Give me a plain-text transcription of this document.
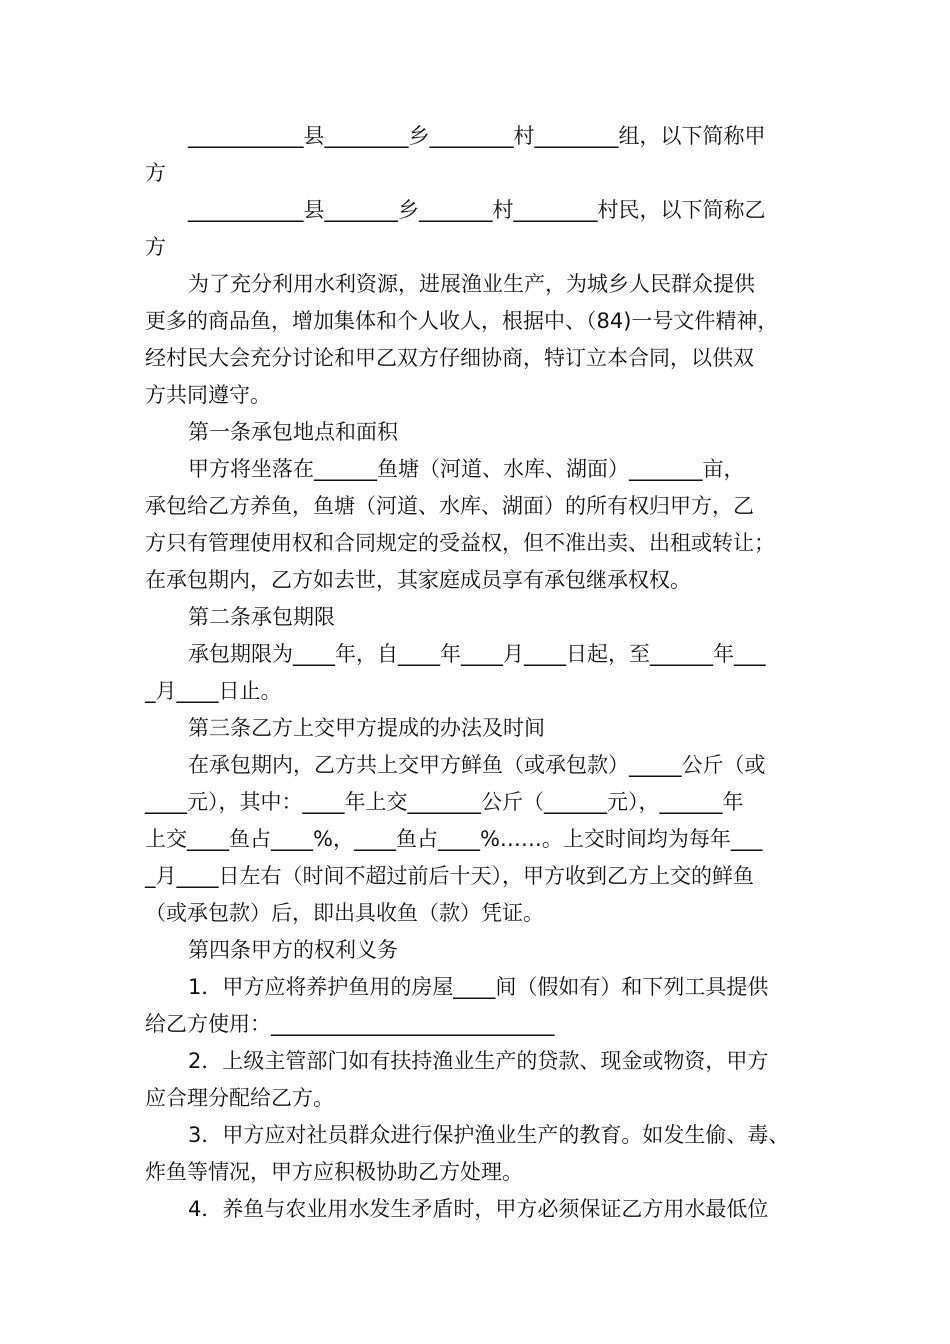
___________县________乡________村________组，以下简称甲
方
___________县_______乡_______村________村民，以下简称乙
方
为了充分利用水利资源，进展渔业生产，为城乡人民群众提供
更多的商品鱼，增加集体和个人收人，根据中、（84)一号文件精神，
经村民大会充分讨论和甲乙双方仔细协商，特订立本合同，以供双
方共同遵守。
第一条承包地点和面积
甲方将坐落在______鱼塘（河道、水库、湖面）_______亩，
承包给乙方养鱼，鱼塘（河道、水库、湖面）的所有权归甲方，乙
方只有管理使用权和合同规定的受益权，但不准出卖、出租或转让；
在承包期内，乙方如去世，其家庭成员享有承包继承权权。
第二条承包期限
承包期限为____年，自____年____月____日起，至______年___
_月____日止。
第三条乙方上交甲方提成的办法及时间
在承包期内，乙方共上交甲方鲜鱼（或承包款）_____公斤（或
____元），其中：____年上交_______公斤（______元），______年
上交____鱼占____%，____鱼占____%……。上交时间均为每年___
_月____日左右（时间不超过前后十天），甲方收到乙方上交的鲜鱼
（或承包款）后，即出具收鱼（款）凭证。
第四条甲方的权利义务
1．甲方应将养护鱼用的房屋____间（假如有）和下列工具提供
给乙方使用：___________________________
2．上级主管部门如有扶持渔业生产的贷款、现金或物资，甲方
应合理分配给乙方。
3．甲方应对社员群众进行保护渔业生产的教育。如发生偷、毒、
炸鱼等情况，甲方应积极协助乙方处理。
4．养鱼与农业用水发生矛盾时，甲方必须保证乙方用水最低位
